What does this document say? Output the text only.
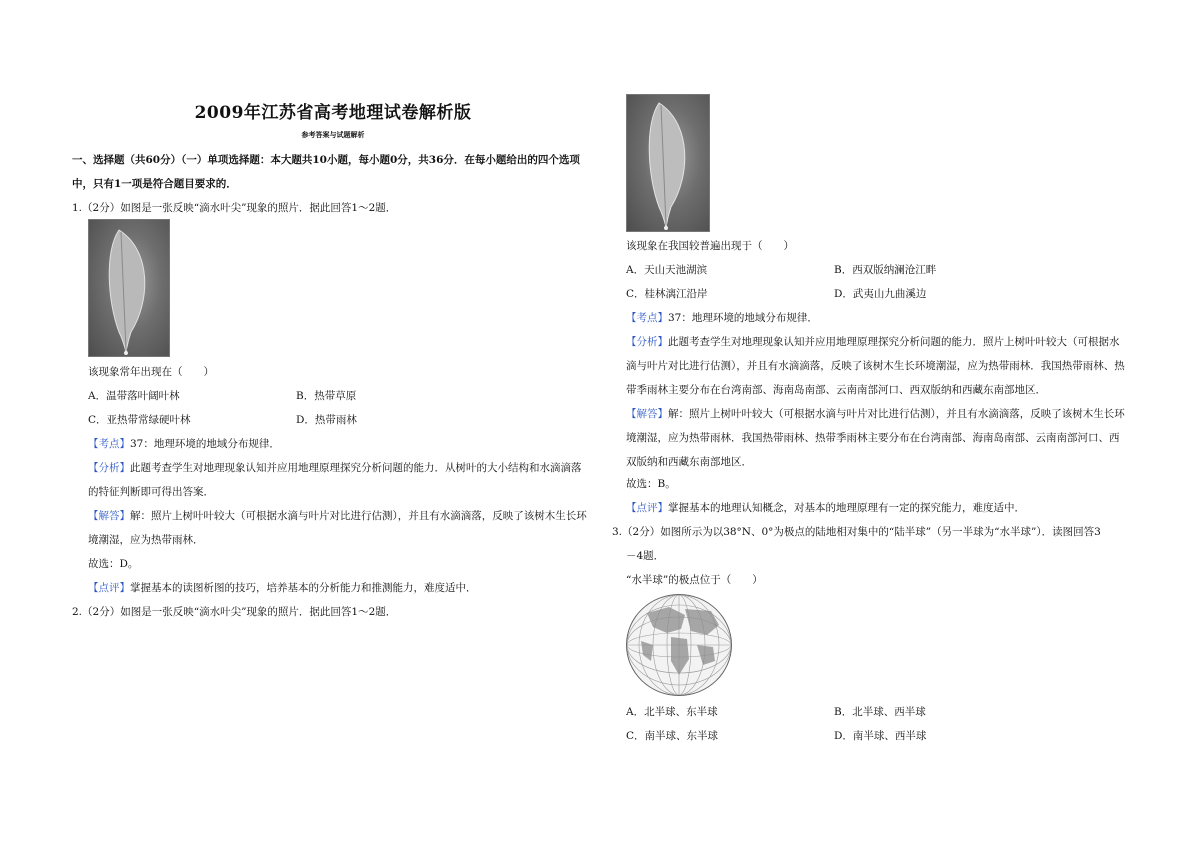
2009年江苏省高考地理试卷解析版
参考答案与试题解析
一、选择题（共60分）（一）单项选择题：本大题共10小题，每小题0分，共36分．在每小题给出的四个选项
中，只有1一项是符合题目要求的．
1.（2分）如图是一张反映“滴水叶尖”现象的照片．据此回答1～2题．
该现象常年出现在（　　）
A．温带落叶阔叶林	B．热带草原
C．亚热带常绿硬叶林	D．热带雨林
【考点】37：地理环境的地域分布规律．
【分析】此题考查学生对地理现象认知并应用地理原理探究分析问题的能力．从树叶的大小结构和水滴滴落
的特征判断即可得出答案．
【解答】解：照片上树叶叶较大（可根据水滴与叶片对比进行估测），并且有水滴滴落，反映了该树木生长环
境潮湿，应为热带雨林．
故选：D。
【点评】掌握基本的读图析图的技巧，培养基本的分析能力和推测能力，难度适中．
2.（2分）如图是一张反映“滴水叶尖”现象的照片．据此回答1～2题．
该现象在我国较普遍出现于（　　）
A．天山天池湖滨	B．西双版纳澜沧江畔
C．桂林漓江沿岸	D．武夷山九曲溪边
【考点】37：地理环境的地域分布规律．
【分析】此题考查学生对地理现象认知并应用地理原理探究分析问题的能力．照片上树叶叶较大（可根据水
滴与叶片对比进行估测），并且有水滴滴落，反映了该树木生长环境潮湿，应为热带雨林．我国热带雨林、热
带季雨林主要分布在台湾南部、海南岛南部、云南南部河口、西双版纳和西藏东南部地区．
【解答】解：照片上树叶叶较大（可根据水滴与叶片对比进行估测），并且有水滴滴落，反映了该树木生长环
境潮湿，应为热带雨林．我国热带雨林、热带季雨林主要分布在台湾南部、海南岛南部、云南南部河口、西
双版纳和西藏东南部地区．
故选：B。
【点评】掌握基本的地理认知概念，对基本的地理原理有一定的探究能力，难度适中．
3.（2分）如图所示为以38°N、0°为极点的陆地相对集中的“陆半球”（另一半球为“水半球”）．读图回答3
－4题．
“水半球”的极点位于（　　）
A．北半球、东半球	B．北半球、西半球
C．南半球、东半球	D．南半球、西半球
